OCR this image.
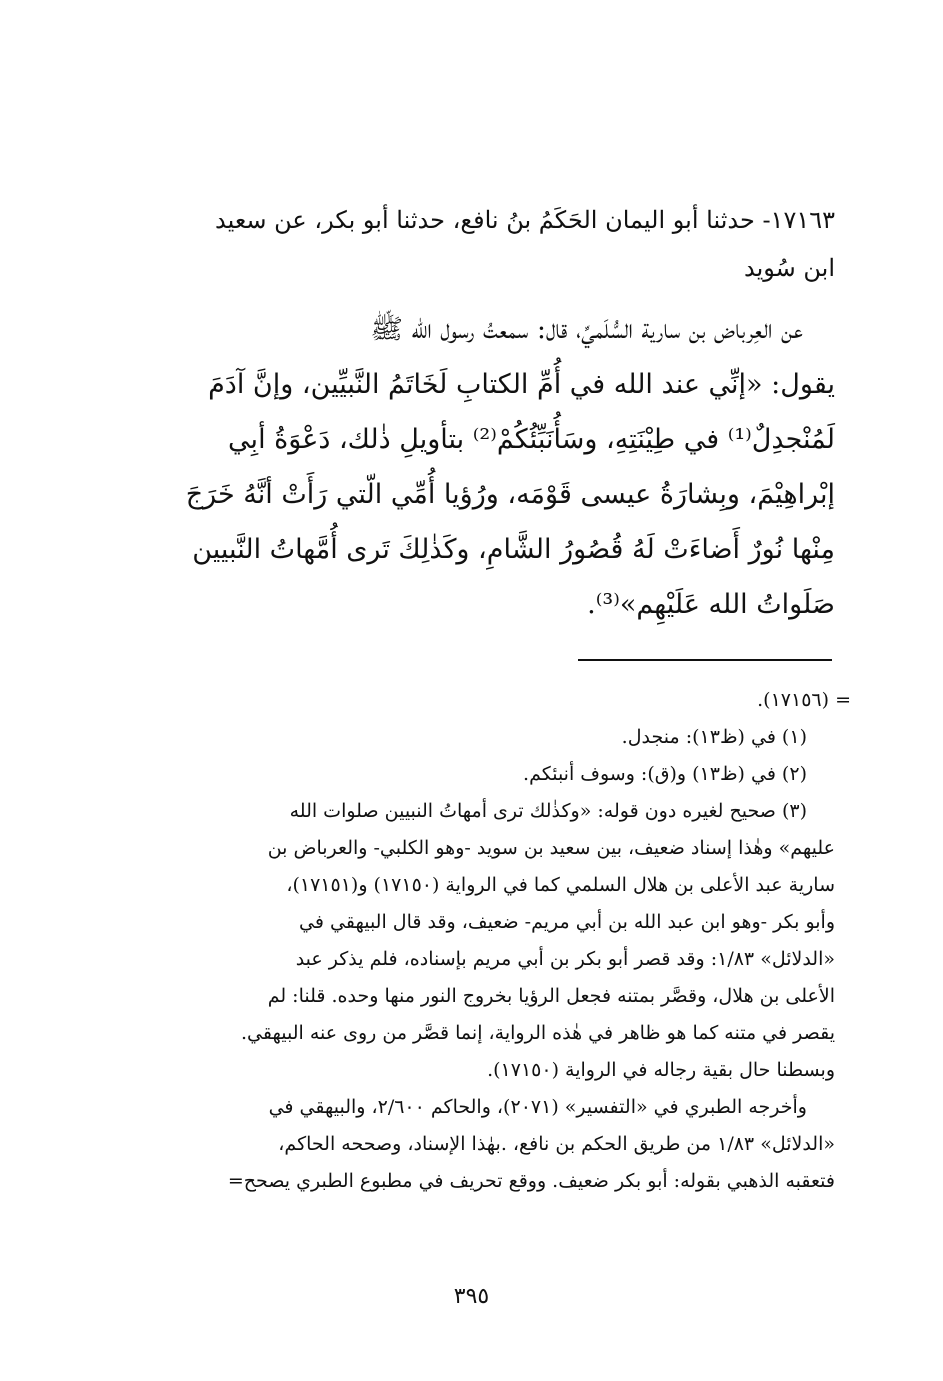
١٧١٦٣- حدثنا أبو اليمان الحَكَمُ بنُ نافع، حدثنا أبو بكر، عن سعيد
ابن سُويد
عن العِرباض بن سارية السُّلَميِّ، قال: سمعتُ رسول الله ﷺ
يقول: «إنِّي عند الله في أُمِّ الكتابِ لَخَاتَمُ النَّبيِّين، وإنَّ آدَمَ
لَمُنْجدِلٌ⁽¹⁾ في طِيْنَتِهِ، وسَأُنَبِّئُكُمْ⁽²⁾ بتأويلِ ذٰلك، دَعْوَةُ أبِي
إبْراهِيْمَ، وبِشارَةُ عيسى قَوْمَه، ورُؤيا أُمِّي الّتي رَأَتْ أنَّهُ خَرَجَ
مِنْها نُورٌ أَضاءَتْ لَهُ قُصُورُ الشَّامِ، وكَذٰلِكَ تَرى أُمَّهاتُ النَّبيين
صَلَواتُ الله عَلَيْهِم»⁽³⁾.
= (١٧١٥٦).
(١) في (ظ١٣): منجدل.
(٢) في (ظ١٣) و(ق): وسوف أنبئكم.
(٣) صحيح لغيره دون قوله: «وكذٰلك ترى أمهاتُ النبيين صلوات الله
عليهم» وهٰذا إسناد ضعيف، بين سعيد بن سويد -وهو الكلبي- والعرباض بن
سارية عبد الأعلى بن هلال السلمي كما في الرواية (١٧١٥٠) و(١٧١٥١)،
وأبو بكر -وهو ابن عبد الله بن أبي مريم- ضعيف، وقد قال البيهقي في
«الدلائل» ١/٨٣: وقد قصر أبو بكر بن أبي مريم بإسناده، فلم يذكر عبد
الأعلى بن هلال، وقصَّر بمتنه فجعل الرؤيا بخروج النور منها وحده. قلنا: لم
يقصر في متنه كما هو ظاهر في هٰذه الرواية، إنما قصَّر من روى عنه البيهقي.
وبسطنا حال بقية رجاله في الرواية (١٧١٥٠).
وأخرجه الطبري في «التفسير» (٢٠٧١)، والحاكم ٢/٦٠٠، والبيهقي في
«الدلائل» ١/٨٣ من طريق الحكم بن نافع، .بهٰذا الإسناد، وصححه الحاكم،
فتعقبه الذهبي بقوله: أبو بكر ضعيف. ووقع تحريف في مطبوع الطبري يصحح=
٣٩٥
